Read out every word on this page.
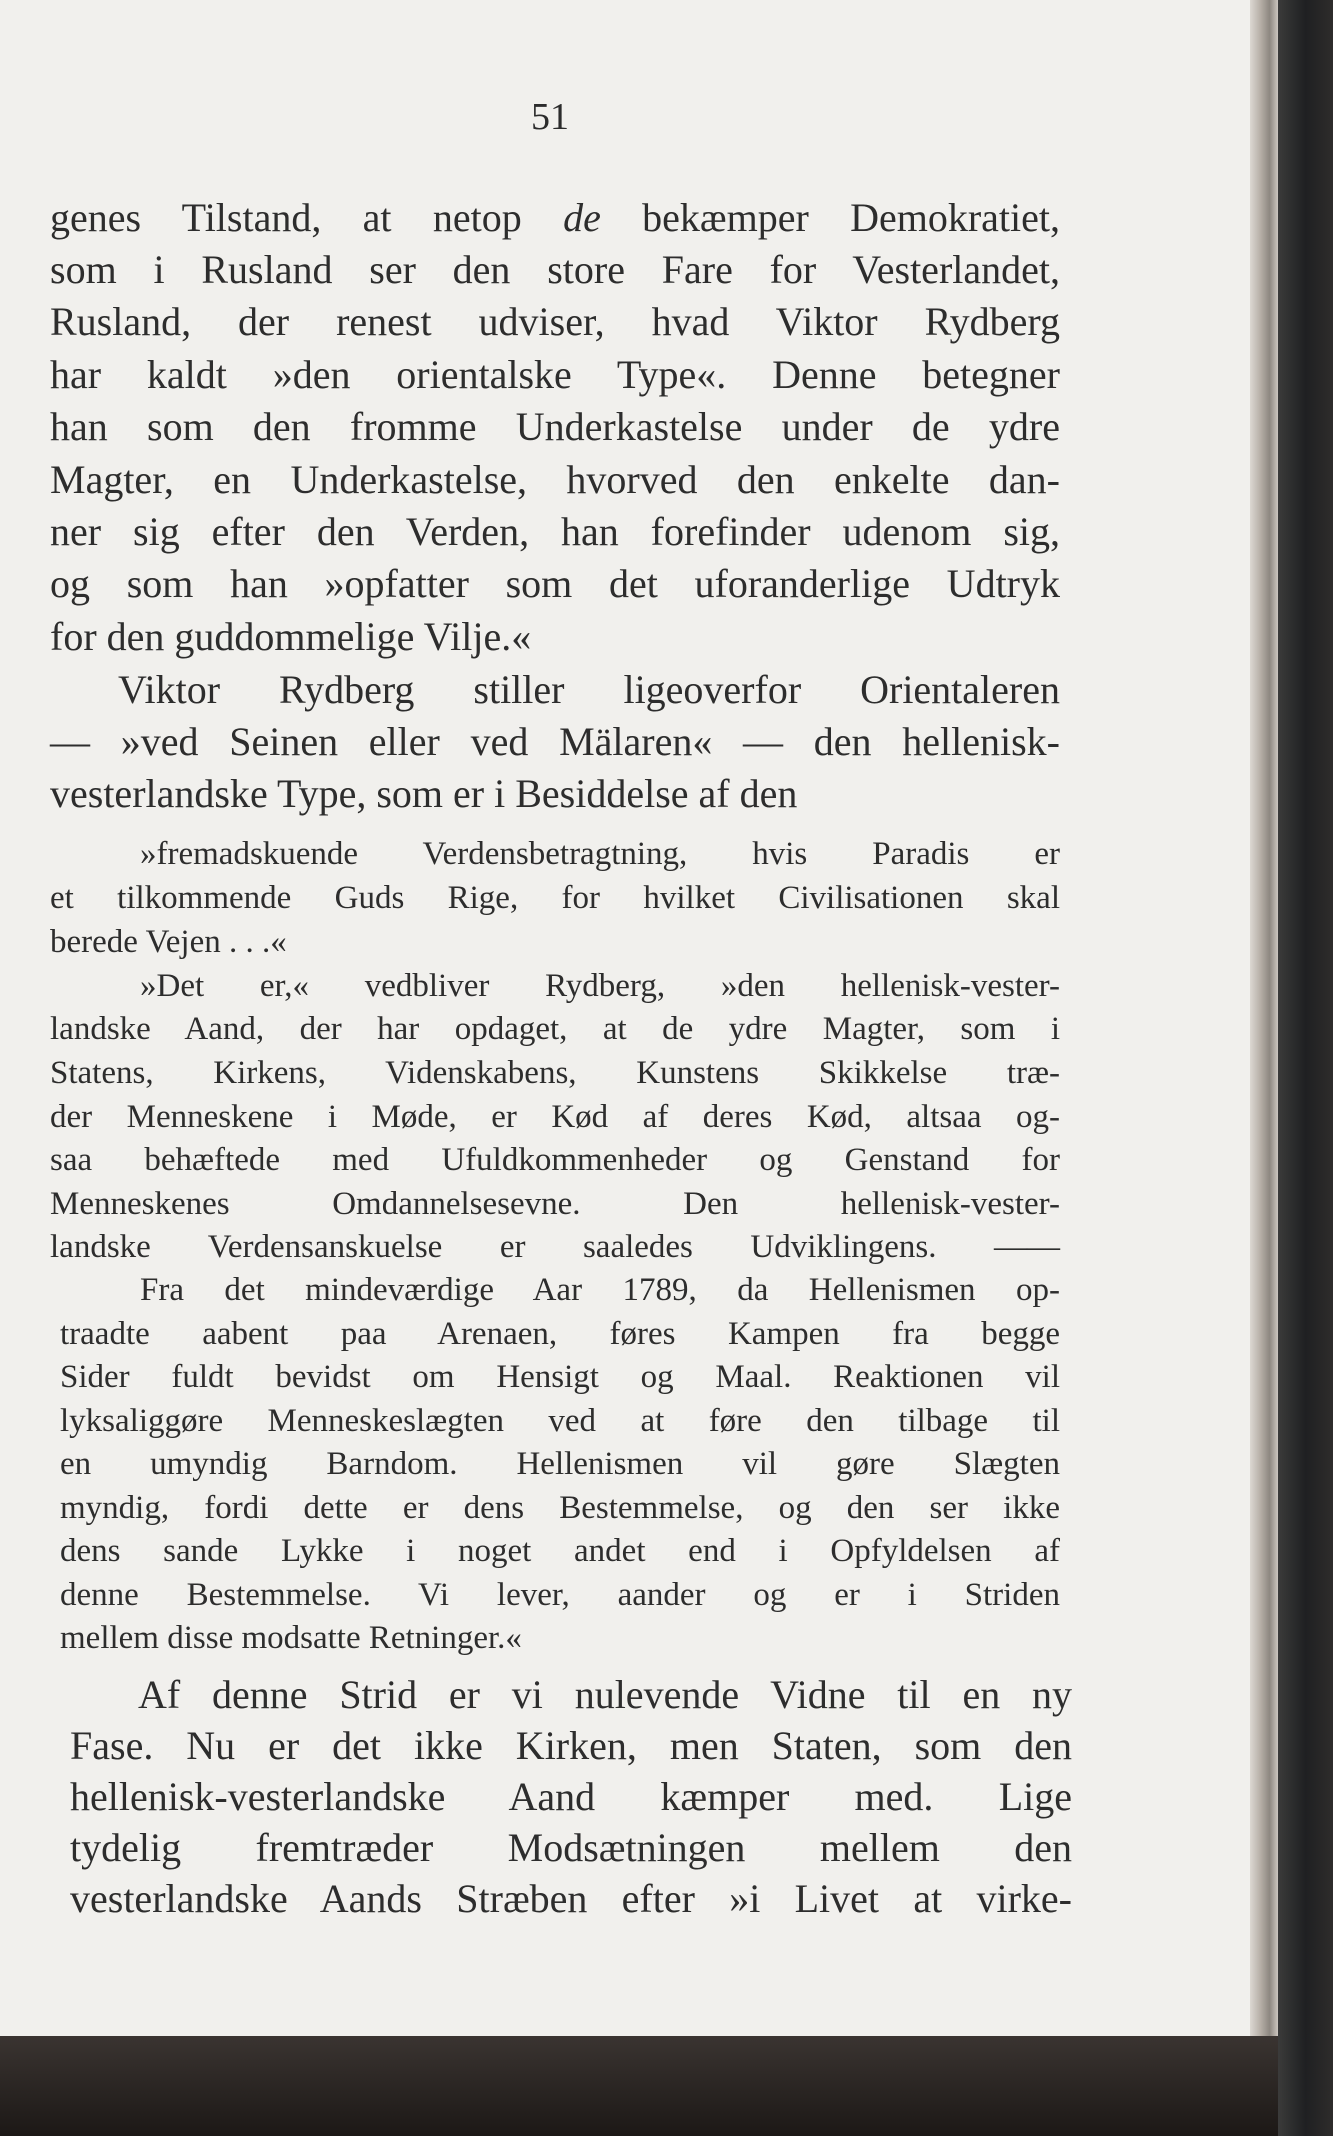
51
genes Tilstand, at netop de bekæmper Demokratiet,
som i Rusland ser den store Fare for Vesterlandet,
Rusland, der renest udviser, hvad Viktor Rydberg
har kaldt »den orientalske Type«. Denne betegner
han som den fromme Underkastelse under de ydre
Magter, en Underkastelse, hvorved den enkelte dan-
ner sig efter den Verden, han forefinder udenom sig,
og som han »opfatter som det uforanderlige Udtryk
for den guddommelige Vilje.«
Viktor Rydberg stiller ligeoverfor Orientaleren
— »ved Seinen eller ved Mälaren« — den hellenisk-
vesterlandske Type, som er i Besiddelse af den
»fremadskuende Verdensbetragtning, hvis Paradis er
et tilkommende Guds Rige, for hvilket Civilisationen skal
berede Vejen . . .«
»Det er,« vedbliver Rydberg, »den hellenisk-vester-
landske Aand, der har opdaget, at de ydre Magter, som i
Statens, Kirkens, Videnskabens, Kunstens Skikkelse træ-
der Menneskene i Møde, er Kød af deres Kød, altsaa og-
saa behæftede med Ufuldkommenheder og Genstand for
Menneskenes Omdannelsesevne. Den hellenisk-vester-
landske Verdensanskuelse er saaledes Udviklingens. ——
Fra det mindeværdige Aar 1789, da Hellenismen op-
traadte aabent paa Arenaen, føres Kampen fra begge
Sider fuldt bevidst om Hensigt og Maal. Reaktionen vil
lyksaliggøre Menneskeslægten ved at føre den tilbage til
en umyndig Barndom. Hellenismen vil gøre Slægten
myndig, fordi dette er dens Bestemmelse, og den ser ikke
dens sande Lykke i noget andet end i Opfyldelsen af
denne Bestemmelse. Vi lever, aander og er i Striden
mellem disse modsatte Retninger.«
Af denne Strid er vi nulevende Vidne til en ny
Fase. Nu er det ikke Kirken, men Staten, som den
hellenisk-vesterlandske Aand kæmper med. Lige
tydelig fremtræder Modsætningen mellem den
vesterlandske Aands Stræben efter »i Livet at virke-
